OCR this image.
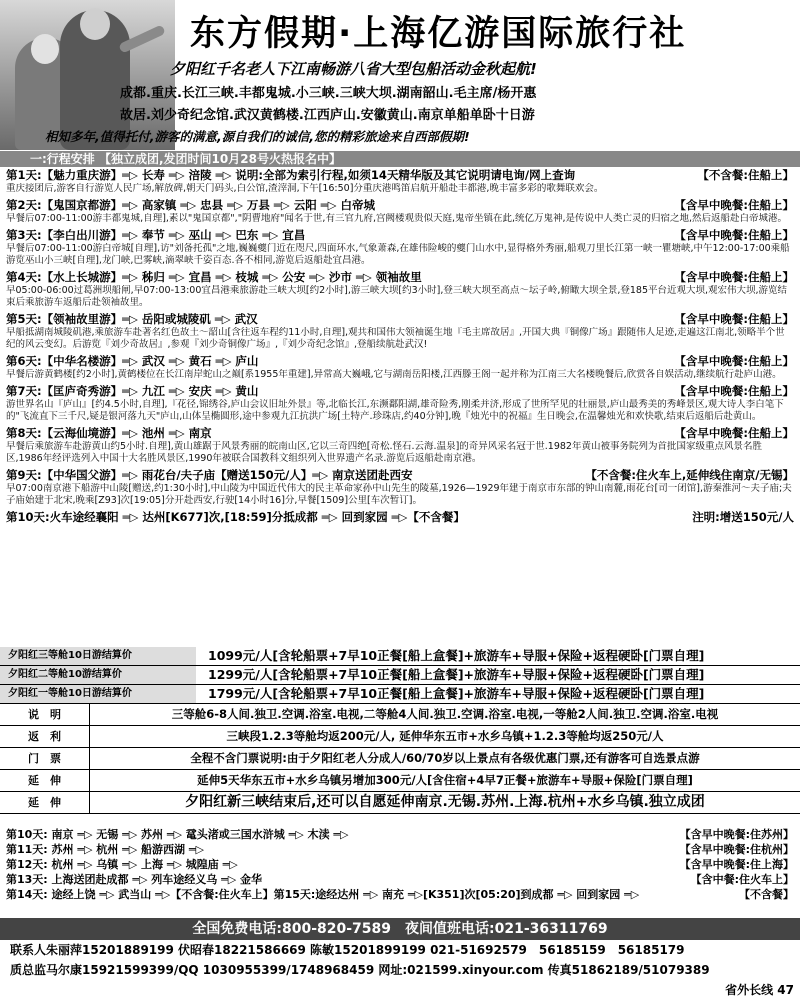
东方假期·上海亿游国际旅行社
夕阳红千名老人下江南畅游八省大型包船活动金秋起航!
成都.重庆.长江三峡.丰都鬼城.小三峡.三峡大坝.湖南韶山.毛主席/杨开惠
故居.刘少奇纪念馆.武汉黄鹤楼.江西庐山.安徽黄山.南京单船单卧十日游
相知多年,值得托付,游客的满意,源自我们的诚信,您的精彩旅途来自西部假期!
一:行程安排 【独立成团,发团时间10月28号火热报名中】
第1天:【魅力重庆游】═▷ 长寿 ═▷ 涪陵 ═▷ 说明:全部为索引行程,如须14天精华版及其它说明请电询/网上查询	【不含餐:住船上】
重庆接团后,游客自行游览人民广场,解放碑,朝天门码头,白公馆,渣滓洞,下午[16:50]分重庆港鸣笛启航开船赴丰都港,晚丰富多彩的歌舞联欢会。
第2天:【鬼国京都游】═▷ 高家镇 ═▷ 忠县 ═▷ 万县 ═▷ 云阳 ═▷ 白帝城	【含早中晚餐:住船上】
早餐后07:00-11:00游丰都鬼城,自理],素以"鬼国京都","阴曹地府"闻名于世,有三官九府,宫阙楼观贵似天庭,鬼帝坐镇在此,统亿万鬼神,是传说中人类亡灵的归宿之地,然后返船赴白帝城港。
第3天:【李白出川游】═▷ 奉节 ═▷ 巫山 ═▷ 巴东 ═▷ 宜昌	【含早中晚餐:住船上】
早餐后07:00-11:00游白帝城[自理],访"刘备托孤"之地,巍巍夔门近在咫尺,四面环水,气象萧森,在雄伟险峻的夔门山水中,显得格外秀丽,船观刀里长江第一峡一瞿塘峡,中午12:00-17:00乘船游览巫山小三峡[自理],龙门峡,巴雾峡,滴翠峡千姿百态.各不相同,游览后返船赴宜昌港。
第4天:【水上长城游】═▷ 秭归 ═▷ 宜昌 ═▷ 枝城 ═▷ 公安 ═▷ 沙市 ═▷ 领袖故里	【含早中晚餐:住船上】
早05:00-06:00过葛洲坝船闸,早07:00-13:00宜昌港乘旅游赴三峡大坝[约2小时],游三峡大坝[约3小时],登三峡大坝至高点～坛子岭,俯瞰大坝全景,登185平台近观大坝,观宏伟大坝,游览结束后乘旅游车返船后赴领袖故里。
第5天:【领袖故里游】═▷ 岳阳或城陵矶 ═▷ 武汉	【含早中晚餐:住船上】
早船抵湖南城陵矶港,乘旅游车赴著名红色故土～韶山[含往返车程约11小时,自理],观共和国伟大领袖诞生地『毛主席故居』,开国大典『铜像广场』跟随伟人足迹,走遍这江南北,领略半个世纪的风云变幻。后游览『刘少奇故居』,参观『刘少奇铜像广场』,『刘少奇纪念馆』,登船续航赴武汉!
第6天:【中华名楼游】═▷ 武汉 ═▷ 黄石 ═▷ 庐山	【含早中晚餐:住船上】
早餐后游黄鹤楼[约2小时],黄鹤楼位在长江南岸蛇山之巅[系1955年重建],异常高大巍峨,它与湖南岳阳楼,江西滕王阁一起并称为江南三大名楼晚餐后,欣赏各自娱活动,继续航行赴庐山港。
第7天:【匡庐奇秀游】═▷ 九江 ═▷ 安庆 ═▷ 黄山	【含早中晚餐:住船上】
游世界名山『庐山』[约4.5小时,自理],『花径,锦绣谷,庐山会议旧址外景』等,北临长江,东濒鄱阳湖,雄奇险秀,刚柔并济,形成了世所罕见的壮丽景,庐山最秀美的秀峰景区,观大诗人李白笔下的"飞流直下三千尺,疑是银河落九天"庐山,山体呈椭圆形,途中参观九江抗洪广场[土特产.珍珠店,约40分钟],晚『烛光中的祝福』生日晚会,在温馨烛光和欢快歌,结束后返船后赴黄山。
第8天:【云海仙境游】═▷ 池州 ═▷ 南京	【含早中晚餐:住船上】
早餐后乘旅游车赴游黄山约5小时.自理],黄山雄踞于风景秀丽的皖南山区,它以三奇四绝[奇松.怪石.云海.温泉]的奇异风采名冠于世.1982年黄山被事务院列为首批国家级重点风景名胜区,1986年经评选列入中国十大名胜风景区,1990年被联合国教科文组织列入世界遗产名录.游览后返船赴南京港。
第9天:【中华国父游】═▷ 雨花台/夫子庙【赠送150元/人】═▷ 南京送团赴西安	【不含餐:住火车上,延伸线住南京/无锡】
早07:00南京港下船游中山陵[赠送,约1:30小时],中山陵为中国近代伟大的民主革命家孙中山先生的陵墓,1926—1929年建于南京市东部的钟山南麓,雨花台[司一闭馆],游秦淮河～夫子庙;夫子庙始建于北宋,晚乘[Z93]次[19:05]分开赴西安,行驶[14小时16]分,早餐[1509]公里[车次暂订]。
第10天:火车途经襄阳 ═▷ 达州[K677]次,[18:59]分抵成都 ═▷ 回到家园 ═▷【不含餐】	注明:增送150元/人
夕阳红三等舱10日游结算价	1099元/人[含轮船票+7早10正餐[船上盒餐]+旅游车+导服+保险+返程硬卧[门票自理]
夕阳红二等舱10游结算价	1299元/人[含轮船票+7早10正餐[船上盒餐]+旅游车+导服+保险+返程硬卧[门票自理]
夕阳红一等舱10日游结算价	1799元/人[含轮船票+7早10正餐[船上盒餐]+旅游车+导服+保险+返程硬卧[门票自理]
说　明	三等舱6-8人间.独卫.空调.浴室.电视,二等舱4人间.独卫.空调.浴室.电视,一等舱2人间.独卫.空调.浴室.电视
返　利	三峡段1.2.3等舱均返200元/人, 延伸华东五市+水乡乌镇+1.2.3等舱均返250元/人
门　票	全程不含门票说明:由于夕阳红老人分成人/60/70岁以上景点有各级优惠门票,还有游客可自选景点游
延　伸	延伸5天华东五市+水乡乌镇另增加300元/人[含住宿+4早7正餐+旅游车+导服+保险[门票自理]
延　伸	夕阳红新三峡结束后,还可以自愿延伸南京.无锡.苏州.上海.杭州+水乡乌镇.独立成团
第10天: 南京 ═▷ 无锡 ═▷ 苏州 ═▷ 鼋头渚或三国水浒城 ═▷ 木渎 ═▷	【含早中晚餐:住苏州】
第11天: 苏州 ═▷ 杭州 ═▷ 船游西湖 ═▷	【含早中晚餐:住杭州】
第12天: 杭州 ═▷ 乌镇 ═▷ 上海 ═▷ 城隍庙 ═▷	【含早中晚餐:住上海】
第13天: 上海送团赴成都 ═▷ 列车途经义乌 ═▷ 金华	【含中餐:住火车上】
第14天: 途经上饶 ═▷ 武当山 ═▷【不含餐:住火车上】第15天:途经达州 ═▷ 南充 ═▷[K351]次[05:20]到成都 ═▷ 回到家园 ═▷	【不含餐】
全国免费电话:800-820-7589　夜间值班电话:021-36311769
联系人朱丽萍15201889199 伏昭春18221586669 陈敏15201899199 021-51692579　56185159　56185179
质总监马尔康15921599399/QQ 1030955399/1748968459 网址:021599.xinyour.com 传真51862189/51079389
省外长线 47
